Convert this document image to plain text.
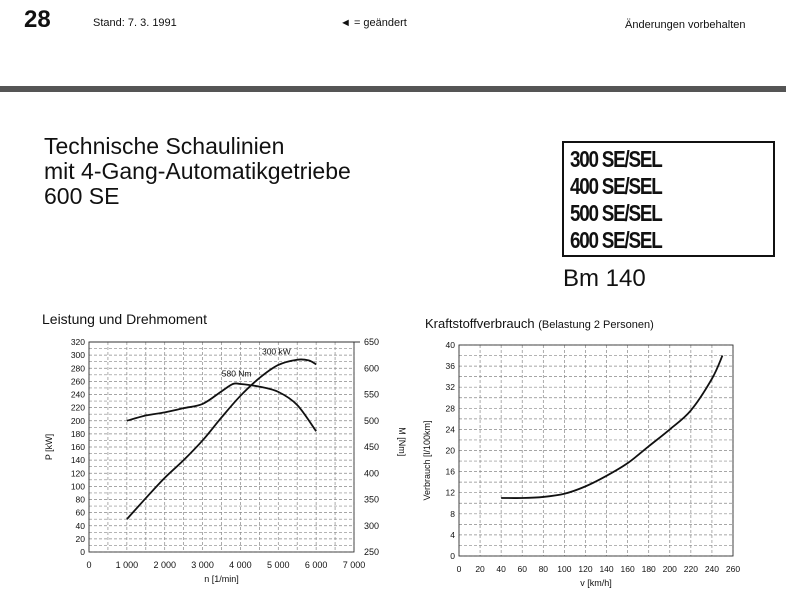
28	Stand: 7. 3. 1991	◄ = geändert	Änderungen vorbehalten
Technische Schaulinien
mit 4-Gang-Automatikgetriebe
600 SE
300 SE/SEL
400 SE/SEL
500 SE/SEL
600 SE/SEL
Bm 140
Leistung und Drehmoment	Kraftstoffverbrauch (Belastung 2 Personen)
0
20
40
60
80
100
120
140
160
180
200
220
240
260
280
300
320
0	1 000 2 000 3 000 4 000 5 000 6 000 7 000
250
300
350
400
450
500
550
600
650
n [1/min]
P [kW]	M [Nm]
300 kW
580 Nm
0 20 40 60 80 100 120 140 160 180 200 220 240 260
0
4
8
12
16
20
24
28
32
36
40
v [km/h]
Verbrauch [l/100km]
